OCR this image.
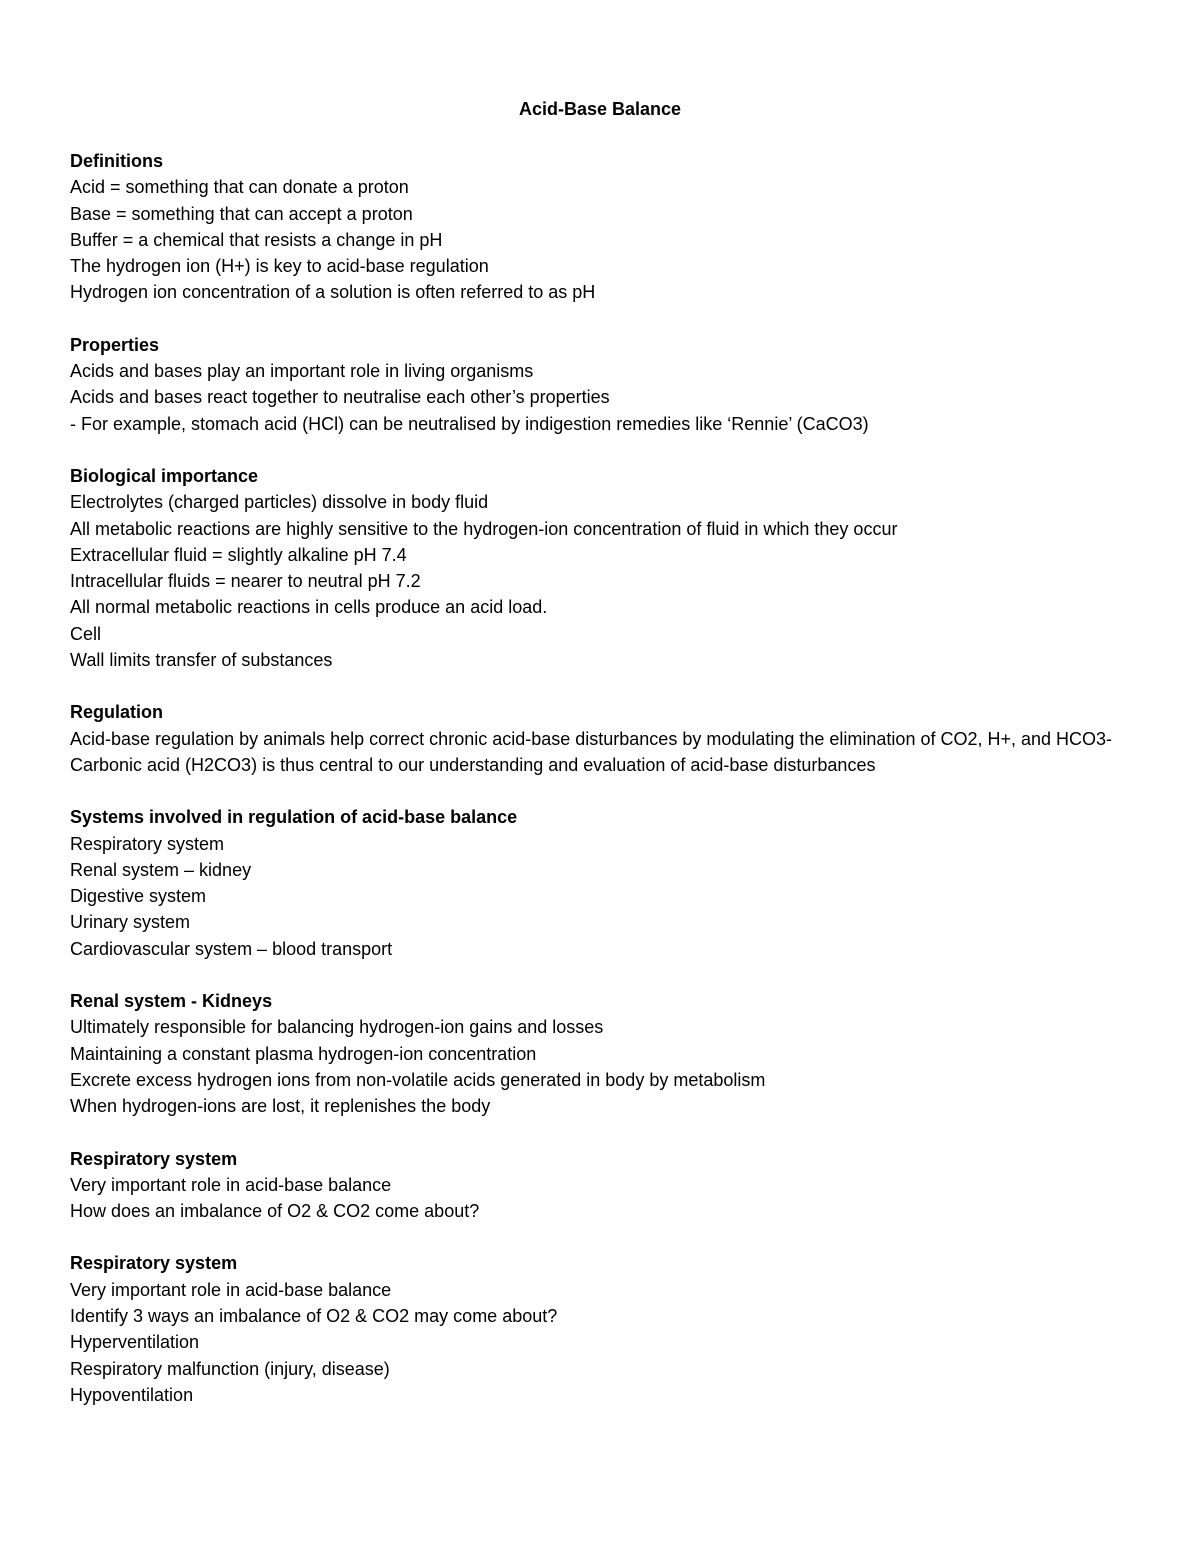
Acid-Base Balance
Definitions
Acid = something that can donate a proton
Base = something that can accept a proton
Buffer = a chemical that resists a change in pH
The hydrogen ion (H+) is key to acid-base regulation
Hydrogen ion concentration of a solution is often referred to as pH
Properties
Acids and bases play an important role in living organisms
Acids and bases react together to neutralise each other’s properties
- For example, stomach acid (HCl) can be neutralised by indigestion remedies like ‘Rennie’ (CaCO3)
Biological importance
Electrolytes (charged particles) dissolve in body fluid
All metabolic reactions are highly sensitive to the hydrogen-ion concentration of fluid in which they occur
Extracellular fluid = slightly alkaline pH 7.4
Intracellular fluids = nearer to neutral pH 7.2
All normal metabolic reactions in cells produce an acid load.
Cell
Wall limits transfer of substances
Regulation
Acid-base regulation by animals help correct chronic acid-base disturbances by modulating the elimination of CO2, H+, and HCO3-
Carbonic acid (H2CO3) is thus central to our understanding and evaluation of acid-base disturbances
Systems involved in regulation of acid-base balance
Respiratory system
Renal system – kidney
Digestive system
Urinary system
Cardiovascular system – blood transport
Renal system - Kidneys
Ultimately responsible for balancing hydrogen-ion gains and losses
Maintaining a constant plasma hydrogen-ion concentration
Excrete excess hydrogen ions from non-volatile acids generated in body by metabolism
When hydrogen-ions are lost, it replenishes the body
Respiratory system
Very important role in acid-base balance
How does an imbalance of O2 & CO2 come about?
Respiratory system
Very important role in acid-base balance
Identify 3 ways an imbalance of O2 & CO2 may come about?
Hyperventilation
Respiratory malfunction (injury, disease)
Hypoventilation
